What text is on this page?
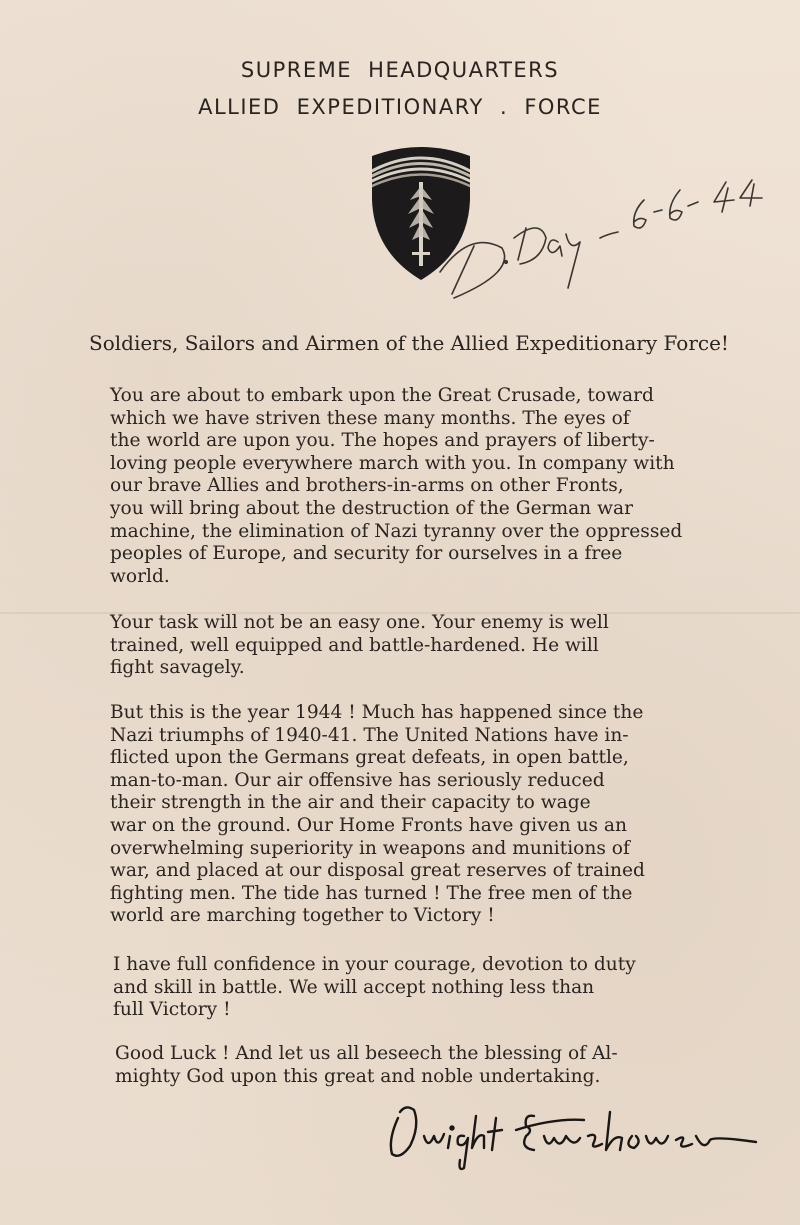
SUPREME HEADQUARTERS
ALLIED EXPEDITIONARY . FORCE
Soldiers, Sailors and Airmen of the Allied Expeditionary Force!
You are about to embark upon the Great Crusade, toward
which we have striven these many months. The eyes of
the world are upon you. The hopes and prayers of liberty-
loving people everywhere march with you. In company with
our brave Allies and brothers-in-arms on other Fronts,
you will bring about the destruction of the German war
machine, the elimination of Nazi tyranny over the oppressed
peoples of Europe, and security for ourselves in a free
world.
Your task will not be an easy one. Your enemy is well
trained, well equipped and battle-hardened. He will
fight savagely.
But this is the year 1944 ! Much has happened since the
Nazi triumphs of 1940-41. The United Nations have in-
flicted upon the Germans great defeats, in open battle,
man-to-man. Our air offensive has seriously reduced
their strength in the air and their capacity to wage
war on the ground. Our Home Fronts have given us an
overwhelming superiority in weapons and munitions of
war, and placed at our disposal great reserves of trained
fighting men. The tide has turned ! The free men of the
world are marching together to Victory !
I have full confidence in your courage, devotion to duty
and skill in battle. We will accept nothing less than
full Victory !
Good Luck ! And let us all beseech the blessing of Al-
mighty God upon this great and noble undertaking.
